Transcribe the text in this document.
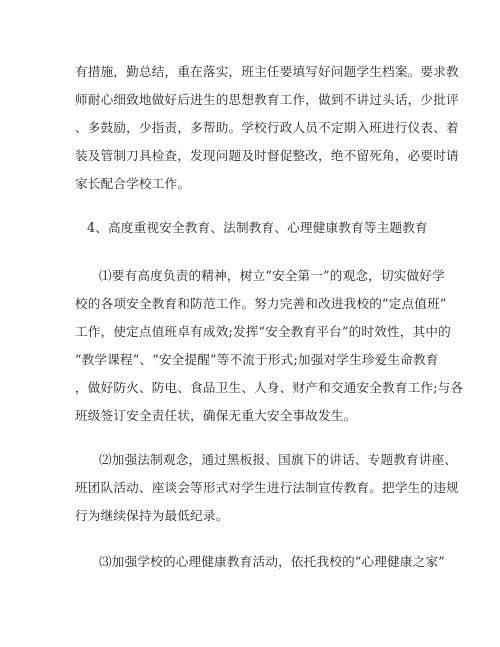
有措施，勤总结，重在落实，班主任要填写好问题学生档案。要求教
师耐心细致地做好后进生的思想教育工作，做到不讲过头话，少批评
、多鼓励，少指责，多帮助。学校行政人员不定期入班进行仪表、着
装及管制刀具检查，发现问题及时督促整改，绝不留死角，必要时请
家长配合学校工作。
4、高度重视安全教育、法制教育、心理健康教育等主题教育
⑴要有高度负责的精神，树立“安全第一”的观念，切实做好学
校的各项安全教育和防范工作。努力完善和改进我校的“定点值班”
工作，使定点值班卓有成效;发挥“安全教育平台”的时效性，其中的
“教学课程”、“安全提醒”等不流于形式;加强对学生珍爱生命教育
，做好防火、防电、食品卫生、人身、财产和交通安全教育工作;与各
班级签订安全责任状，确保无重大安全事故发生。
⑵加强法制观念，通过黑板报、国旗下的讲话、专题教育讲座、
班团队活动、座谈会等形式对学生进行法制宣传教育。把学生的违规
行为继续保持为最低纪录。
⑶加强学校的心理健康教育活动，依托我校的“心理健康之家”
